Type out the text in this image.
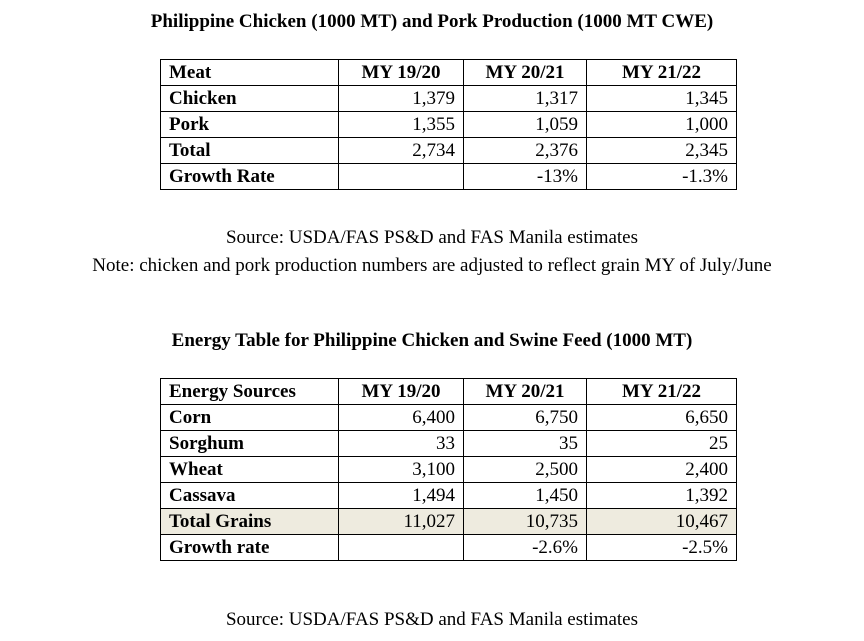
Philippine Chicken (1000 MT) and Pork Production (1000 MT CWE)
Meat	MY 19/20	MY 20/21	MY 21/22
Chicken	1,379	1,317	1,345
Pork	1,355	1,059	1,000
Total	2,734	2,376	2,345
Growth Rate		-13%	-1.3%
Source: USDA/FAS PS&D and FAS Manila estimates
Note: chicken and pork production numbers are adjusted to reflect grain MY of July/June
Energy Table for Philippine Chicken and Swine Feed (1000 MT)
Energy Sources	MY 19/20	MY 20/21	MY 21/22
Corn	6,400	6,750	6,650
Sorghum	33	35	25
Wheat	3,100	2,500	2,400
Cassava	1,494	1,450	1,392
Total Grains	11,027	10,735	10,467
Growth rate		-2.6%	-2.5%
Source: USDA/FAS PS&D and FAS Manila estimates
